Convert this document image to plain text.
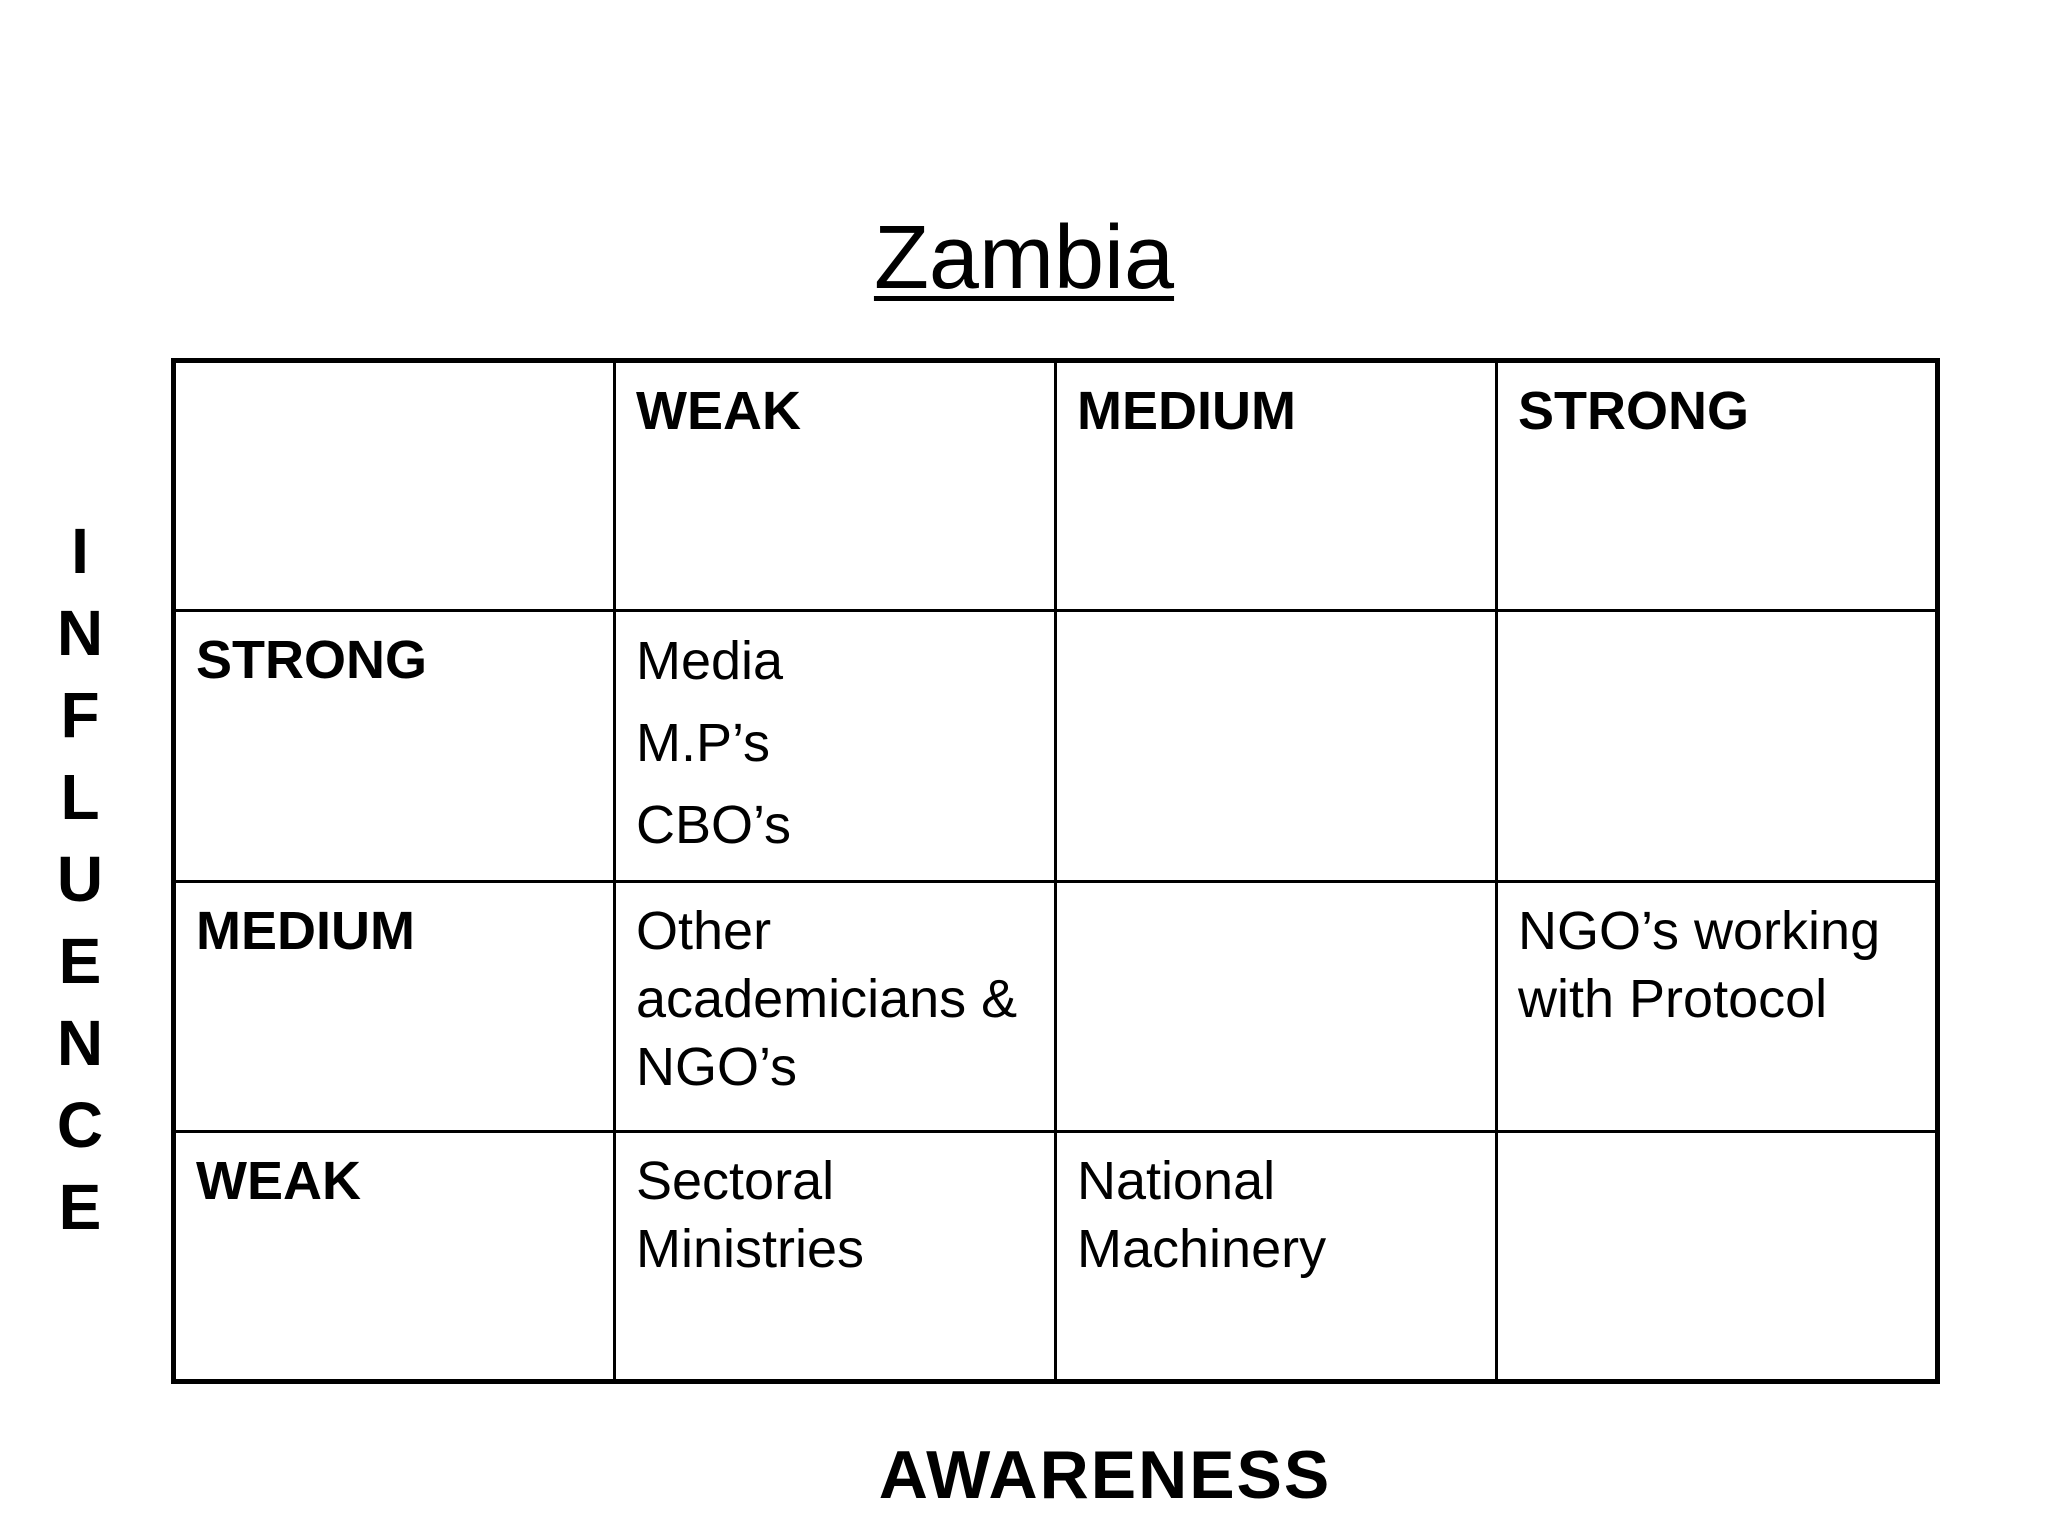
Zambia
I
N
F
L
U
E
N
C
E
	WEAK	MEDIUM	STRONG
STRONG	Media
M.P’s
CBO’s		

MEDIUM	Other academicians & NGO’s		NGO’s working with Protocol
WEAK	Sectoral Ministries	National Machinery	
AWARENESS
